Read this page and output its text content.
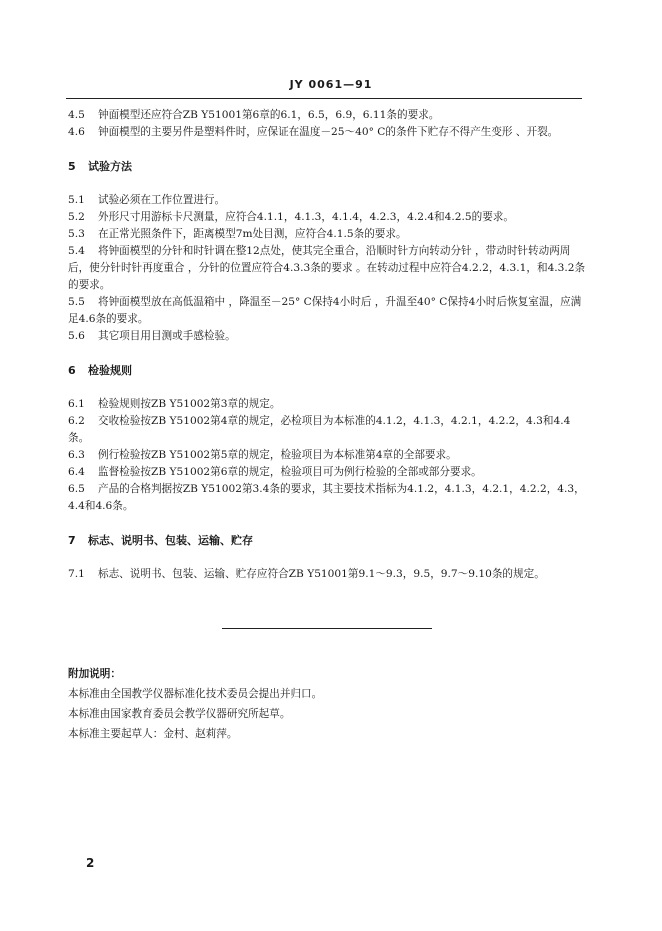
JY 0061—91

4.5 钟面模型还应符合ZB Y51001第6章的6.1，6.5，6.9，6.11条的要求。

4.6 钟面模型的主要另件是塑料件时，应保证在温度－25～40° C的条件下贮存不得产生变形 、开裂。

5 试验方法

5.1 试验必须在工作位置进行。

5.2 外形尺寸用游标卡尺测量，应符合4.1.1，4.1.3，4.1.4，4.2.3，4.2.4和4.2.5的要求。

5.3 在正常光照条件下，距离模型7m处目测，应符合4.1.5条的要求。

5.4 将钟面模型的分针和时针调在整12点处，使其完全重合，沿顺时针方向转动分针 ，带动时针转动两周后，使分针时针再度重合 ，分针的位置应符合4.3.3条的要求 。在转动过程中应符合4.2.2，4.3.1，和4.3.2条的要求。

5.5 将钟面模型放在高低温箱中 ，降温至－25° C保持4小时后 ，升温至40° C保持4小时后恢复室温，应满足4.6条的要求。

5.6 其它项目用目测或手感检验。

6 检验规则

6.1 检验规则按ZB Y51002第3章的规定。

6.2 交收检验按ZB Y51002第4章的规定，必检项目为本标准的4.1.2，4.1.3，4.2.1，4.2.2，4.3和4.4条。

6.3 例行检验按ZB Y51002第5章的规定，检验项目为本标准第4章的全部要求。

6.4 监督检验按ZB Y51002第6章的规定，检验项目可为例行检验的全部或部分要求。

6.5 产品的合格判据按ZB Y51002第3.4条的要求，其主要技术指标为4.1.2，4.1.3，4.2.1，4.2.2，4.3，4.4和4.6条。

7 标志、说明书、包装、运输、贮存

7.1 标志、说明书、包装、运输、贮存应符合ZB Y51001第9.1～9.3，9.5，9.7～9.10条的规定。

附加说明：
本标准由全国教学仪器标准化技术委员会提出并归口。
本标准由国家教育委员会教学仪器研究所起草。
本标准主要起草人：金村、赵莉萍。
2
